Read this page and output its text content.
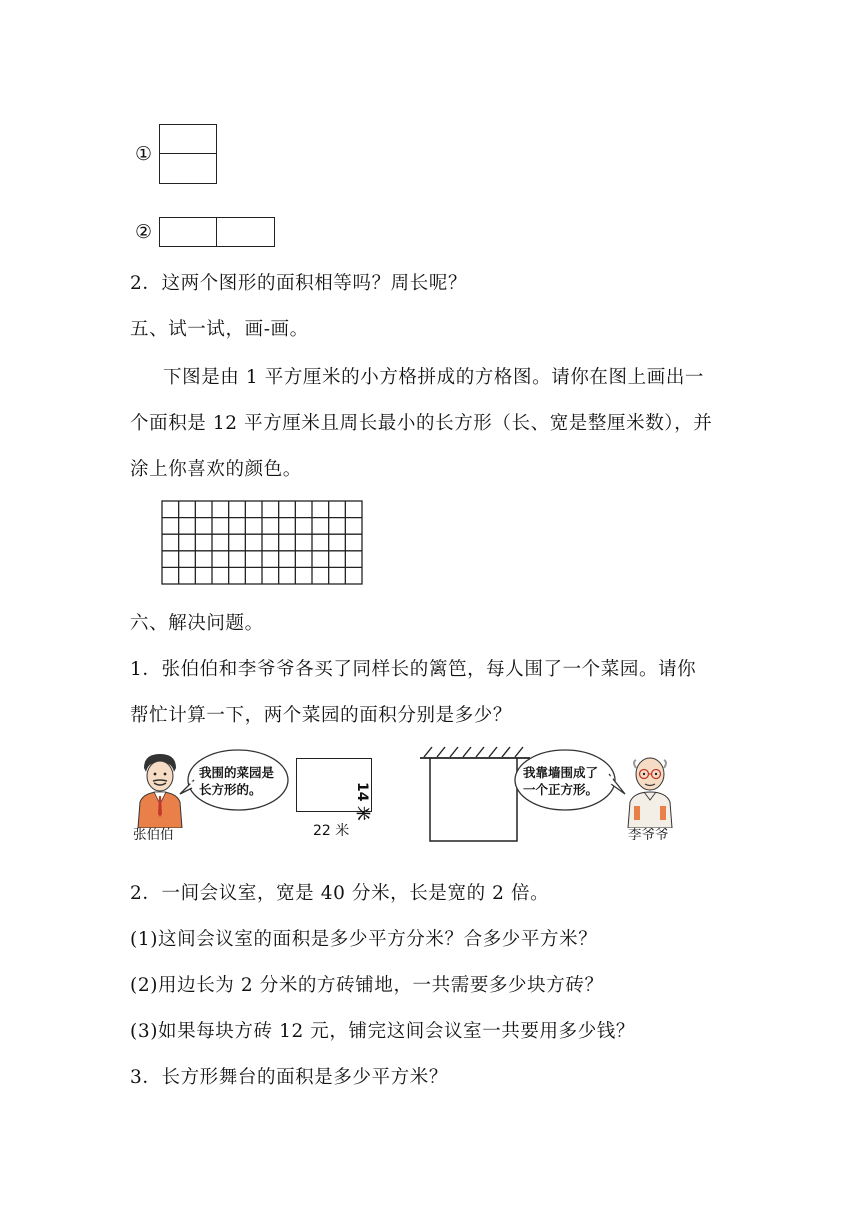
①
②
2．这两个图形的面积相等吗？周长呢？
五、试一试，画-画。
下图是由 1 平方厘米的小方格拼成的方格图。请你在图上画出一
个面积是 12 平方厘米且周长最小的长方形（长、宽是整厘米数），并
涂上你喜欢的颜色。
六、解决问题。
1．张伯伯和李爷爷各买了同样长的篱笆，每人围了一个菜园。请你
帮忙计算一下，两个菜园的面积分别是多少？
张伯伯
我围的菜园是
长方形的。
22 米
14 米
我靠墙围成了
一个正方形。
李爷爷
2．一间会议室，宽是 40 分米，长是宽的 2 倍。
(1)这间会议室的面积是多少平方分米？合多少平方米？
(2)用边长为 2 分米的方砖铺地，一共需要多少块方砖？
(3)如果每块方砖 12 元，铺完这间会议室一共要用多少钱？
3．长方形舞台的面积是多少平方米？
